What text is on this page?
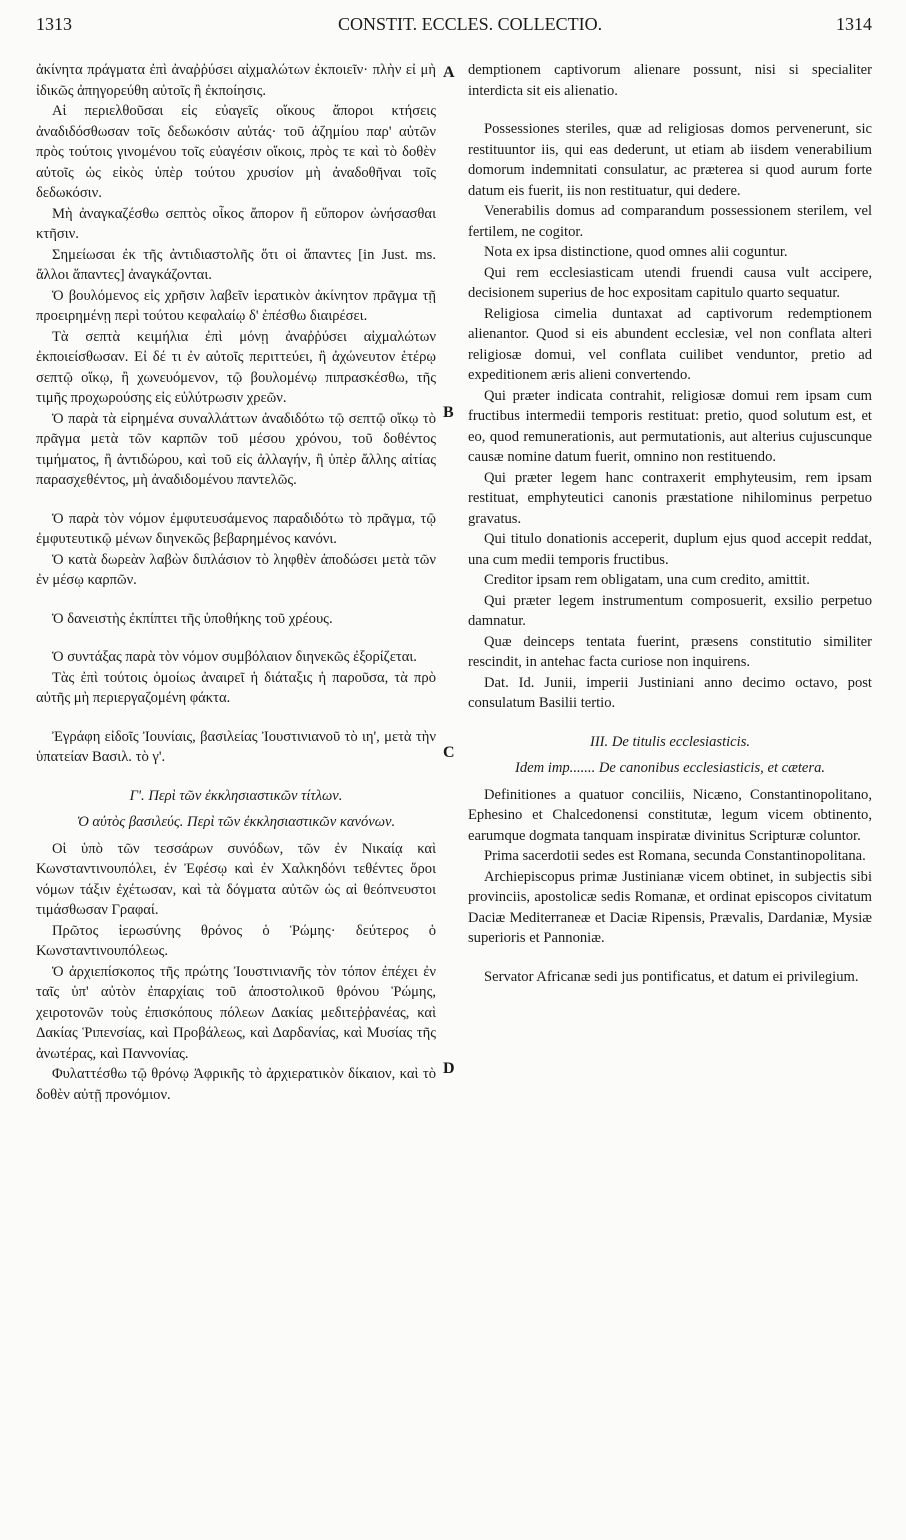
1313	CONSTIT. ECCLES. COLLECTIO.	1314
A
B
C
D

ἀκίνητα πράγματα ἐπὶ ἀναῤῥύσει αἰχμαλώτων ἐκποιεῖν· πλὴν εἰ μὴ ἰδικῶς ἀπηγορεύθη αὐτοῖς ἢ ἐκποίησις.

Αἱ περιελθοῦσαι εἰς εὐαγεῖς οἴκους ἄποροι κτήσεις ἀναδιδόσθωσαν τοῖς δεδωκόσιν αὐτάς· τοῦ ἀζημίου παρ' αὐτῶν πρὸς τούτοις γινομένου τοῖς εὐαγέσιν οἴκοις, πρὸς τε καὶ τὸ δοθὲν αὐτοῖς ὡς εἰκὸς ὑπὲρ τούτου χρυσίον μὴ ἀναδοθῆναι τοῖς δεδωκόσιν.

Μὴ ἀναγκαζέσθω σεπτὸς οἶκος ἄπορον ἢ εὔπορον ὠνήσασθαι κτῆσιν.

Σημείωσαι ἐκ τῆς ἀντιδιαστολῆς ὅτι οἱ ἅπαντες [in Just. ms. ἄλλοι ἅπαντες] ἀναγκάζονται.

Ὁ βουλόμενος εἰς χρῆσιν λαβεῖν ἱερατικὸν ἀκίνητον πρᾶγμα τῇ προειρημένῃ περὶ τούτου κεφαλαίῳ δ' ἑπέσθω διαιρέσει.

Τὰ σεπτὰ κειμήλια ἐπὶ μόνῃ ἀναῤῥύσει αἰχμαλώτων ἐκποιείσθωσαν. Εἰ δέ τι ἐν αὐτοῖς περιττεύει, ἢ ἀχώνευτον ἑτέρῳ σεπτῷ οἴκῳ, ἢ χωνευόμενον, τῷ βουλομένῳ πιπρασκέσθω, τῆς τιμῆς προχωρούσης εἰς εὐλύτρωσιν χρεῶν.

Ὁ παρὰ τὰ εἰρημένα συναλλάττων ἀναδιδότω τῷ σεπτῷ οἴκῳ τὸ πρᾶγμα μετὰ τῶν καρπῶν τοῦ μέσου χρόνου, τοῦ δοθέντος τιμήματος, ἢ ἀντιδώρου, καὶ τοῦ εἰς ἀλλαγήν, ἢ ὑπὲρ ἄλλης αἰτίας παρασχεθέντος, μὴ ἀναδιδομένου παντελῶς.

Ὁ παρὰ τὸν νόμον ἐμφυτευσάμενος παραδιδότω τὸ πρᾶγμα, τῷ ἐμφυτευτικῷ μένων διηνεκῶς βεβαρημένος κανόνι.

Ὁ κατὰ δωρεὰν λαβὼν διπλάσιον τὸ ληφθὲν ἀποδώσει μετὰ τῶν ἐν μέσῳ καρπῶν.

Ὁ δανειστὴς ἐκπίπτει τῆς ὑποθήκης τοῦ χρέους.

Ὁ συντάξας παρὰ τὸν νόμον συμβόλαιον διηνεκῶς ἐξορίζεται.

Τὰς ἐπὶ τούτοις ὁμοίως ἀναιρεῖ ἡ διάταξις ἡ παροῦσα, τὰ πρὸ αὐτῆς μὴ περιεργαζομένη φάκτα.

Ἐγράφη εἰδοῖς Ἰουνίαις, βασιλείας Ἰουστινιανοῦ τὸ ιη', μετὰ τὴν ὑπατείαν Βασιλ. τὸ γ'.

Γ'. Περὶ τῶν ἐκκλησιαστικῶν τίτλων.

Ὁ αὐτὸς βασιλεύς. Περὶ τῶν ἐκκλησιαστικῶν κανόνων.

Οἱ ὑπὸ τῶν τεσσάρων συνόδων, τῶν ἐν Νικαίᾳ καὶ Κωνσταντινουπόλει, ἐν Ἐφέσῳ καὶ ἐν Χαλκηδόνι τεθέντες ὅροι νόμων τάξιν ἐχέτωσαν, καὶ τὰ δόγματα αὐτῶν ὡς αἱ θεόπνευστοι τιμάσθωσαν Γραφαί.

Πρῶτος ἱερωσύνης θρόνος ὁ Ῥώμης· δεύτερος ὁ Κωνσταντινουπόλεως.

Ὁ ἀρχιεπίσκοπος τῆς πρώτης Ἰουστινιανῆς τὸν τόπον ἐπέχει ἐν ταῖς ὑπ' αὐτὸν ἐπαρχίαις τοῦ ἀποστολικοῦ θρόνου Ῥώμης, χειροτονῶν τοὺς ἐπισκόπους πόλεων Δακίας μεδιτεῤῥανέας, καὶ Δακίας Ῥιπενσίας, καὶ Προβάλεως, καὶ Δαρδανίας, καὶ Μυσίας τῆς ἀνωτέρας, καὶ Παννονίας.

Φυλαττέσθω τῷ θρόνῳ Ἀφρικῆς τὸ ἀρχιερατικὸν δίκαιον, καὶ τὸ δοθὲν αὐτῇ προνόμιον.

demptionem captivorum alienare possunt, nisi si specialiter interdicta sit eis alienatio.

Possessiones steriles, quæ ad religiosas domos pervenerunt, sic restituuntor iis, qui eas dederunt, ut etiam ab iisdem venerabilium domorum indemnitati consulatur, ac præterea si quod aurum forte datum eis fuerit, iis non restituatur, qui dedere.

Venerabilis domus ad comparandum possessionem sterilem, vel fertilem, ne cogitor.

Nota ex ipsa distinctione, quod omnes alii coguntur.

Qui rem ecclesiasticam utendi fruendi causa vult accipere, decisionem superius de hoc expositam capitulo quarto sequatur.

Religiosa cimelia duntaxat ad captivorum redemptionem alienantor. Quod si eis abundent ecclesiæ, vel non conflata alteri religiosæ domui, vel conflata cuilibet venduntor, pretio ad expeditionem æris alieni convertendo.

Qui præter indicata contrahit, religiosæ domui rem ipsam cum fructibus intermedii temporis restituat: pretio, quod solutum est, et eo, quod remunerationis, aut permutationis, aut alterius cujuscunque causæ nomine datum fuerit, omnino non restituendo.

Qui præter legem hanc contraxerit emphyteusim, rem ipsam restituat, emphyteutici canonis præstatione nihilominus perpetuo gravatus.

Qui titulo donationis acceperit, duplum ejus quod accepit reddat, una cum medii temporis fructibus.

Creditor ipsam rem obligatam, una cum credito, amittit.

Qui præter legem instrumentum composuerit, exsilio perpetuo damnatur.

Quæ deinceps tentata fuerint, præsens constitutio similiter rescindit, in antehac facta curiose non inquirens.

Dat. Id. Junii, imperii Justiniani anno decimo octavo, post consulatum Basilii tertio.

III. De titulis ecclesiasticis.

Idem imp....... De canonibus ecclesiasticis, et cætera.

Definitiones a quatuor conciliis, Nicæno, Constantinopolitano, Ephesino et Chalcedonensi constitutæ, legum vicem obtinento, earumque dogmata tanquam inspiratæ divinitus Scripturæ coluntor.

Prima sacerdotii sedes est Romana, secunda Constantinopolitana.

Archiepiscopus primæ Justinianæ vicem obtinet, in subjectis sibi provinciis, apostolicæ sedis Romanæ, et ordinat episcopos civitatum Daciæ Mediterraneæ et Daciæ Ripensis, Prævalis, Dardaniæ, Mysiæ superioris et Pannoniæ.

Servator Africanæ sedi jus pontificatus, et datum ei privilegium.
